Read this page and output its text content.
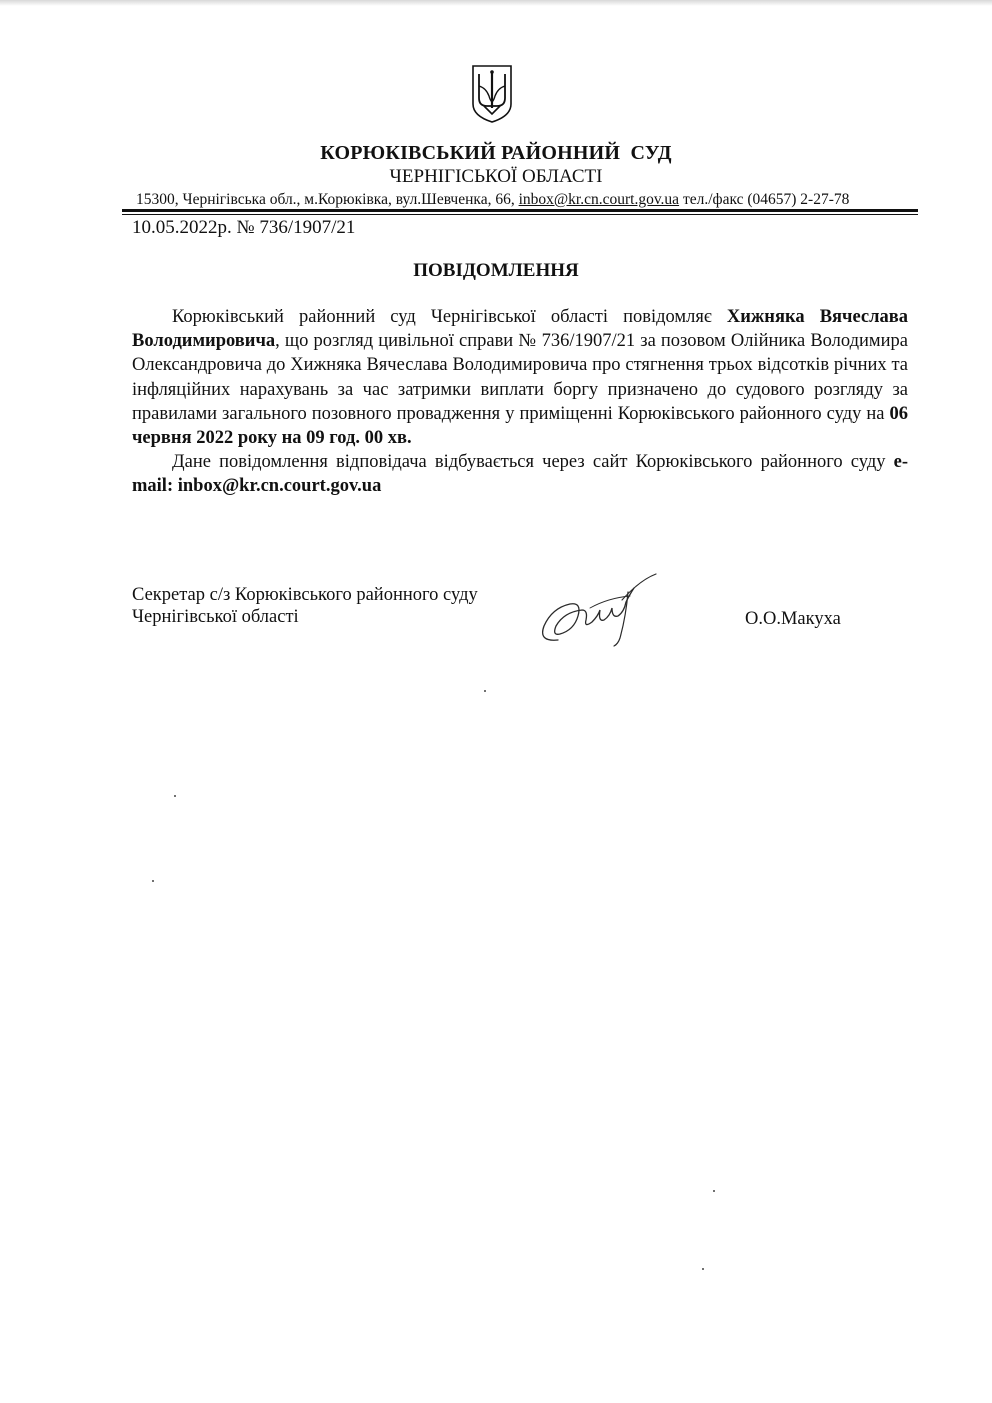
КОРЮКІВСЬКИЙ РАЙОННИЙ  СУД
ЧЕРНІГІСЬКОЇ ОБЛАСТІ
15300, Чернігівська обл., м.Корюківка, вул.Шевченка, 66, inbox@kr.cn.court.gov.ua тел./факс (04657) 2-27-78
10.05.2022р. № 736/1907/21
ПОВІДОМЛЕННЯ

Корюківський районний суд Чернігівської області повідомляє Хижняка Вячеслава Володимировича, що розгляд цивільної справи № 736/1907/21 за позовом Олійника Володимира Олександровича до Хижняка Вячеслава Володимировича про стягнення трьох відсотків річних та інфляційних нарахувань за час затримки виплати боргу призначено до судового розгляду за правилами загального позовного провадження у приміщенні Корюківського районного суду на 06 червня 2022 року на 09 год. 00 хв.

Дане повідомлення відповідача відбувається через сайт Корюківського районного суду e-mail: inbox@kr.cn.court.gov.ua

Секретар с/з Корюківського районного суду
Чернігівської області	О.О.Макуха
